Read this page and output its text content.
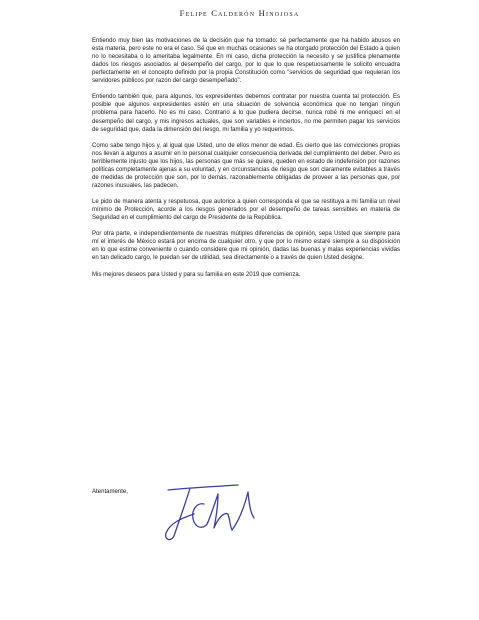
Felipe Calderón Hinojosa

Entiendo muy bien las motivaciones de la decisión que ha tomado: sé perfectamente que ha habido abusos en esta materia, pero este no era el caso. Sé que en muchas ocasiones se ha otorgado protección del Estado a quien no lo necesitaba o lo ameritaba legalmente. En mi caso, dicha protección la necesito y se justifica plenamente dados los riesgos asociados al desempeño del cargo, por lo que lo que respetuosamente le solicito encuadra perfectamente en el concepto definido por la propia Constitución como "servicios de seguridad que requieran los servidores públicos por razón del cargo desempeñado".

Entiendo también que, para algunos, los expresidentes debemos contratar por nuestra cuenta tal protección. Es posible que algunos expresidentes estén en una situación de solvencia económica que no tengan ningún problema para hacerlo. No es mi caso. Contrario a lo que pudiera decirse, nunca robé ni me enriquecí en el desempeño del cargo, y mis ingresos actuales, que son variables e inciertos, no me permiten pagar los servicios de seguridad que, dada la dimensión del riesgo, mi familia y yo requerimos.

Como sabe tengo hijos y, al igual que Usted, uno de ellos menor de edad. Es cierto que las convicciones propias nos llevan a algunos a asumir en lo personal cualquier consecuencia derivada del cumplimiento del deber. Pero es terriblemente injusto que los hijos, las personas que más se quiere, queden en estado de indefensión por razones políticas completamente ajenas a su voluntad, y en circunstancias de riesgo que son claramente evitables a través de medidas de protección que son, por lo demás, razonablemente obligadas de proveer a las personas que, por razones inusuales, las padecen.

Le pido de manera atenta y respetuosa, que autorice a quien corresponda el que se restituya a mi familia un nivel mínimo de Protección, acorde a los riesgos generados por el desempeño de tareas sensibles en materia de Seguridad en el cumplimiento del cargo de Presidente de la República.

Por otra parte, e independientemente de nuestras mútiples diferencias de opinión, sepa Usted que siempre para mí el interés de México estará por encima de cualquier otro, y que por lo mismo estaré siempre a su disposición en lo que estime conveniente o cuando considere que mi opinión, dadas las buenas y malas experiencias vividas en tan delicado cargo, le puedan ser de utilidad, sea directamente o a través de quien Usted designe.

Mis mejores deseos para Usted y para su familia en este 2019 que comienza.

Atentamente,
